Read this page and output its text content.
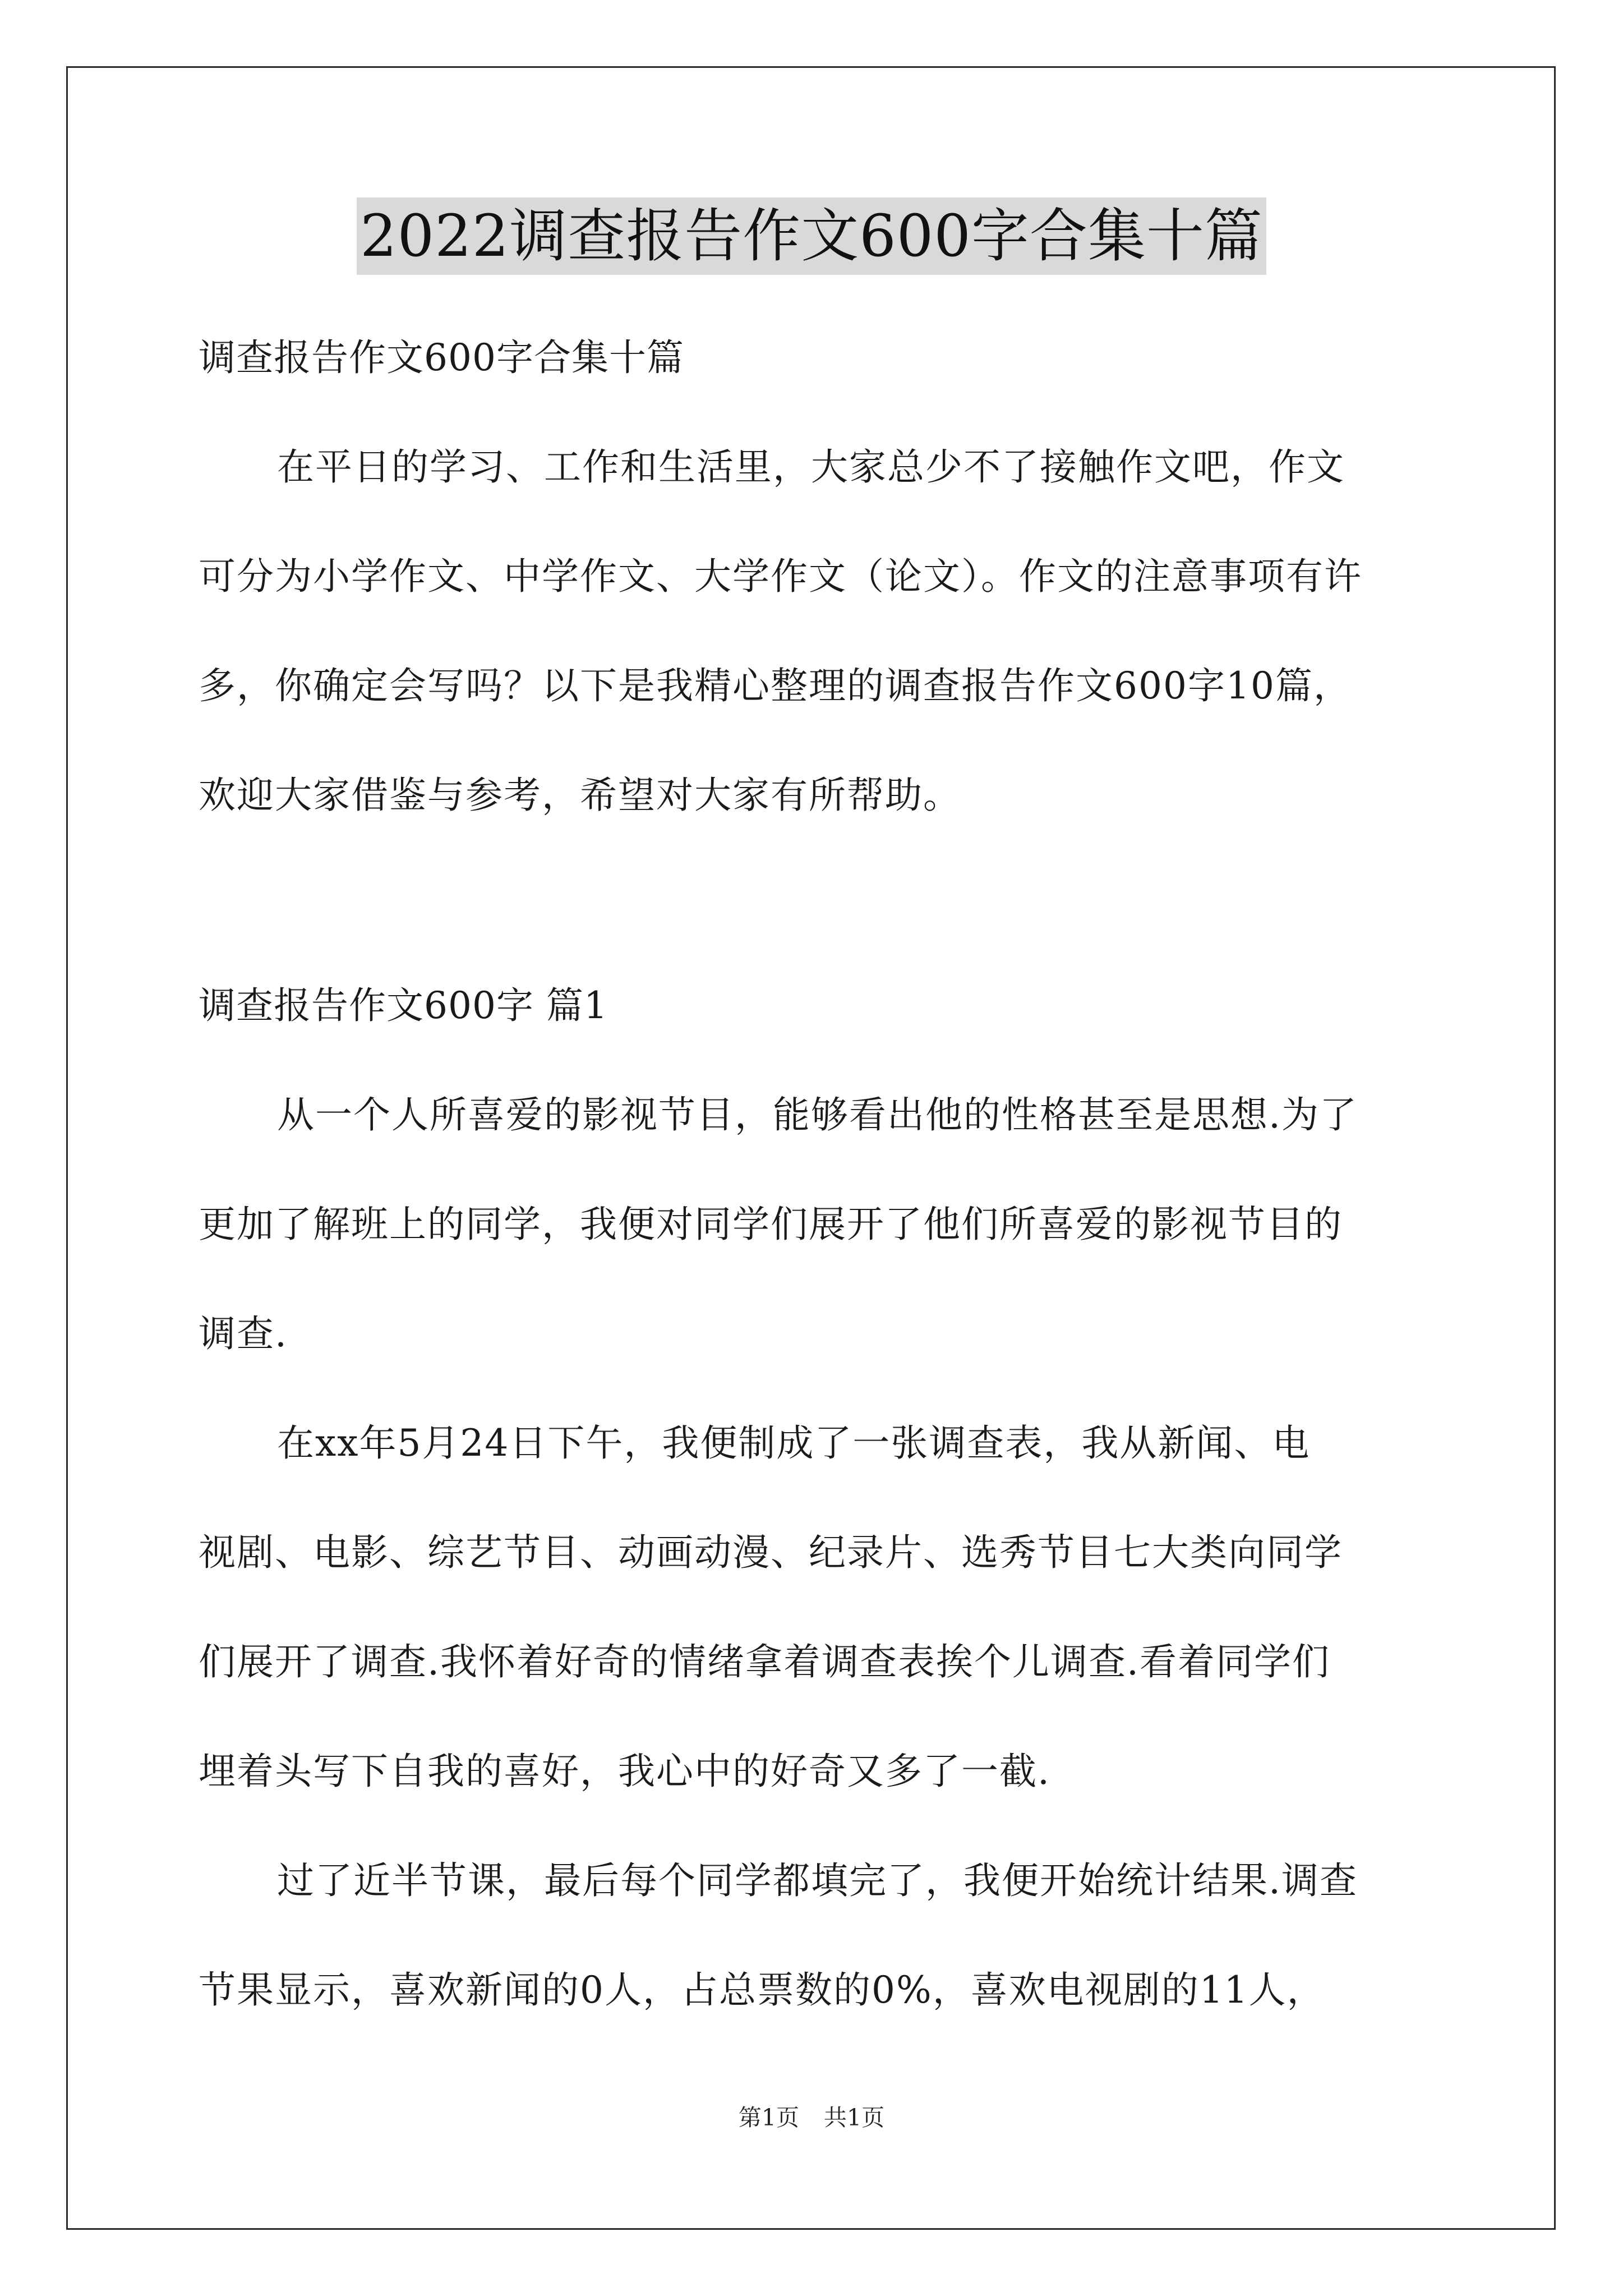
2022调查报告作文600字合集十篇
调查报告作文600字合集十篇
在平日的学习、工作和生活里，大家总少不了接触作文吧，作文
可分为小学作文、中学作文、大学作文（论文）。作文的注意事项有许
多，你确定会写吗？以下是我精心整理的调查报告作文600字10篇，
欢迎大家借鉴与参考，希望对大家有所帮助。
调查报告作文600字 篇1
从一个人所喜爱的影视节目，能够看出他的性格甚至是思想.为了
更加了解班上的同学，我便对同学们展开了他们所喜爱的影视节目的
调查.
在xx年5月24日下午，我便制成了一张调查表，我从新闻、电
视剧、电影、综艺节目、动画动漫、纪录片、选秀节目七大类向同学
们展开了调查.我怀着好奇的情绪拿着调查表挨个儿调查.看着同学们
埋着头写下自我的喜好，我心中的好奇又多了一截.
过了近半节课，最后每个同学都填完了，我便开始统计结果.调查
节果显示，喜欢新闻的0人，占总票数的0%，喜欢电视剧的11人，
第1页 共1页
